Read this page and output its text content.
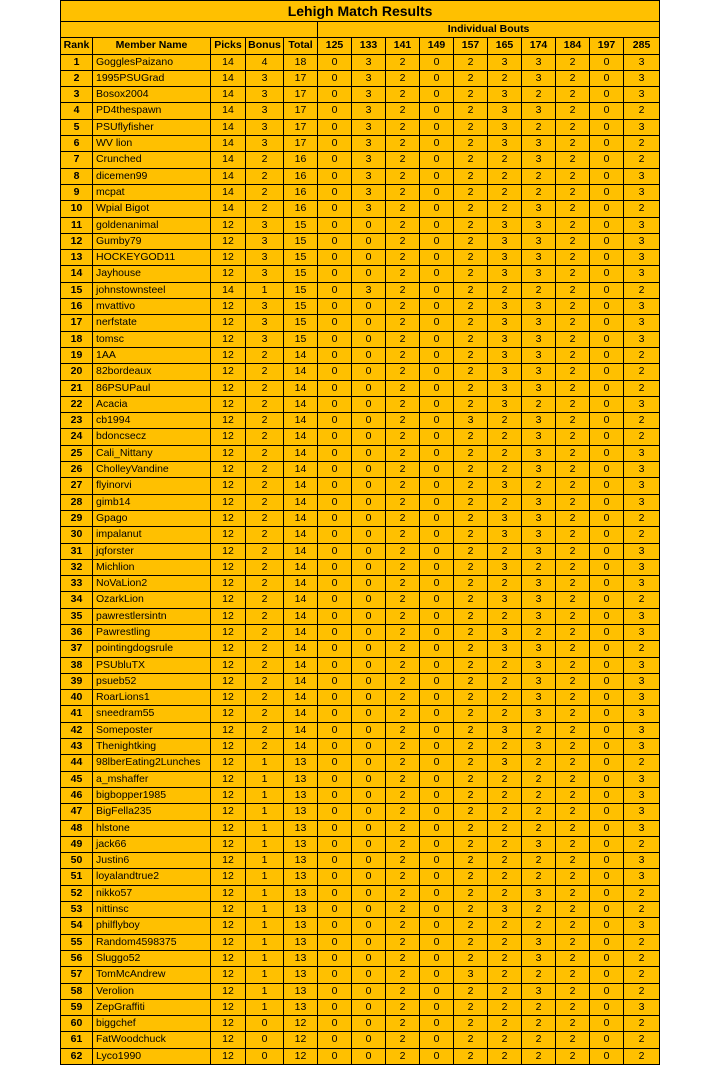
Lehigh Match Results														
					Individual Bouts									
Rank	Member Name	Picks	Bonus	Total	125	133	141	149	157	165	174	184	197	285
1	GogglesPaizano	14	4	18	0	3	2	0	2	3	3	2	0	3
2	1995PSUGrad	14	3	17	0	3	2	0	2	2	3	2	0	3
3	Bosox2004	14	3	17	0	3	2	0	2	3	2	2	0	3
4	PD4thespawn	14	3	17	0	3	2	0	2	3	3	2	0	2
5	PSUflyfisher	14	3	17	0	3	2	0	2	3	2	2	0	3
6	WV lion	14	3	17	0	3	2	0	2	3	3	2	0	2
7	Crunched	14	2	16	0	3	2	0	2	2	3	2	0	2
8	dicemen99	14	2	16	0	3	2	0	2	2	2	2	0	3
9	mcpat	14	2	16	0	3	2	0	2	2	2	2	0	3
10	Wpial Bigot	14	2	16	0	3	2	0	2	2	3	2	0	2
11	goldenanimal	12	3	15	0	0	2	0	2	3	3	2	0	3
12	Gumby79	12	3	15	0	0	2	0	2	3	3	2	0	3
13	HOCKEYGOD11	12	3	15	0	0	2	0	2	3	3	2	0	3
14	Jayhouse	12	3	15	0	0	2	0	2	3	3	2	0	3
15	johnstownsteel	14	1	15	0	3	2	0	2	2	2	2	0	2
16	mvattivo	12	3	15	0	0	2	0	2	3	3	2	0	3
17	nerfstate	12	3	15	0	0	2	0	2	3	3	2	0	3
18	tomsc	12	3	15	0	0	2	0	2	3	3	2	0	3
19	1AA	12	2	14	0	0	2	0	2	3	3	2	0	2
20	82bordeaux	12	2	14	0	0	2	0	2	3	3	2	0	2
21	86PSUPaul	12	2	14	0	0	2	0	2	3	3	2	0	2
22	Acacia	12	2	14	0	0	2	0	2	3	2	2	0	3
23	cb1994	12	2	14	0	0	2	0	3	2	3	2	0	2
24	bdoncsecz	12	2	14	0	0	2	0	2	2	3	2	0	2
25	Cali_Nittany	12	2	14	0	0	2	0	2	2	3	2	0	3
26	CholleyVandine	12	2	14	0	0	2	0	2	2	3	2	0	3
27	flyinorvi	12	2	14	0	0	2	0	2	3	2	2	0	3
28	gimb14	12	2	14	0	0	2	0	2	2	3	2	0	3
29	Gpago	12	2	14	0	0	2	0	2	3	3	2	0	2
30	impalanut	12	2	14	0	0	2	0	2	3	3	2	0	2
31	jqforster	12	2	14	0	0	2	0	2	2	3	2	0	3
32	Michlion	12	2	14	0	0	2	0	2	3	2	2	0	3
33	NoVaLion2	12	2	14	0	0	2	0	2	2	3	2	0	3
34	OzarkLion	12	2	14	0	0	2	0	2	3	3	2	0	2
35	pawrestlersintn	12	2	14	0	0	2	0	2	2	3	2	0	3
36	Pawrestling	12	2	14	0	0	2	0	2	3	2	2	0	3
37	pointingdogsrule	12	2	14	0	0	2	0	2	3	3	2	0	2
38	PSUbluTX	12	2	14	0	0	2	0	2	2	3	2	0	3
39	psueb52	12	2	14	0	0	2	0	2	2	3	2	0	3
40	RoarLions1	12	2	14	0	0	2	0	2	2	3	2	0	3
41	sneedram55	12	2	14	0	0	2	0	2	2	3	2	0	3
42	Someposter	12	2	14	0	0	2	0	2	3	2	2	0	3
43	Thenightking	12	2	14	0	0	2	0	2	2	3	2	0	3
44	98lberEating2Lunches	12	1	13	0	0	2	0	2	3	2	2	0	2
45	a_mshaffer	12	1	13	0	0	2	0	2	2	2	2	0	3
46	bigbopper1985	12	1	13	0	0	2	0	2	2	2	2	0	3
47	BigFella235	12	1	13	0	0	2	0	2	2	2	2	0	3
48	hlstone	12	1	13	0	0	2	0	2	2	2	2	0	3
49	jack66	12	1	13	0	0	2	0	2	2	3	2	0	2
50	Justin6	12	1	13	0	0	2	0	2	2	2	2	0	3
51	loyalandtrue2	12	1	13	0	0	2	0	2	2	2	2	0	3
52	nikko57	12	1	13	0	0	2	0	2	2	3	2	0	2
53	nittinsc	12	1	13	0	0	2	0	2	3	2	2	0	2
54	philflyboy	12	1	13	0	0	2	0	2	2	2	2	0	3
55	Random4598375	12	1	13	0	0	2	0	2	2	3	2	0	2
56	Sluggo52	12	1	13	0	0	2	0	2	2	3	2	0	2
57	TomMcAndrew	12	1	13	0	0	2	0	3	2	2	2	0	2
58	Verolion	12	1	13	0	0	2	0	2	2	3	2	0	2
59	ZepGraffiti	12	1	13	0	0	2	0	2	2	2	2	0	3
60	biggchef	12	0	12	0	0	2	0	2	2	2	2	0	2
61	FatWoodchuck	12	0	12	0	0	2	0	2	2	2	2	0	2
62	Lyco1990	12	0	12	0	0	2	0	2	2	2	2	0	2
